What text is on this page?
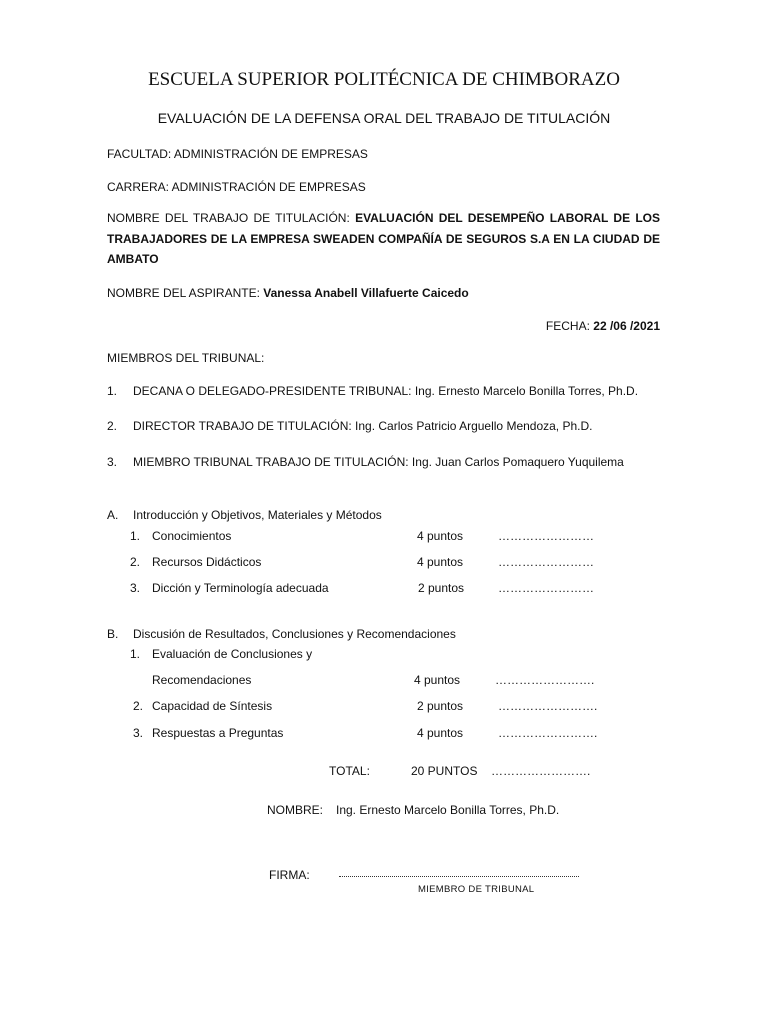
ESCUELA SUPERIOR POLITÉCNICA DE CHIMBORAZO
EVALUACIÓN DE LA DEFENSA ORAL DEL TRABAJO DE TITULACIÓN
FACULTAD: ADMINISTRACIÓN DE EMPRESAS
CARRERA: ADMINISTRACIÓN DE EMPRESAS
NOMBRE DEL TRABAJO DE TITULACIÓN: EVALUACIÓN DEL DESEMPEÑO LABORAL DE LOS TRABAJADORES DE LA EMPRESA SWEADEN COMPAÑÍA DE SEGUROS S.A EN LA CIUDAD DE AMBATO
NOMBRE DEL ASPIRANTE: Vanessa Anabell Villafuerte Caicedo
FECHA: 22 /06 /2021
MIEMBROS DEL TRIBUNAL:
1. DECANA O DELEGADO-PRESIDENTE TRIBUNAL: Ing. Ernesto Marcelo Bonilla Torres, Ph.D.
2. DIRECTOR TRABAJO DE TITULACIÓN: Ing. Carlos Patricio Arguello Mendoza, Ph.D.
3. MIEMBRO TRIBUNAL TRABAJO DE TITULACIÓN: Ing. Juan Carlos Pomaquero Yuquilema
A. Introducción y Objetivos, Materiales y Métodos
1. Conocimientos	4 puntos	……………………
2. Recursos Didácticos	4 puntos	……………………
3. Dicción y Terminología adecuada	2 puntos	……………………
B. Discusión de Resultados, Conclusiones y Recomendaciones
1. Evaluación de Conclusiones y
Recomendaciones	4 puntos	…………………….
2. Capacidad de Síntesis	2 puntos	…………………….
3. Respuestas a Preguntas	4 puntos	…………………….
TOTAL:	20 PUNTOS …………………….
NOMBRE: Ing. Ernesto Marcelo Bonilla Torres, Ph.D.
FIRMA:
MIEMBRO DE TRIBUNAL
